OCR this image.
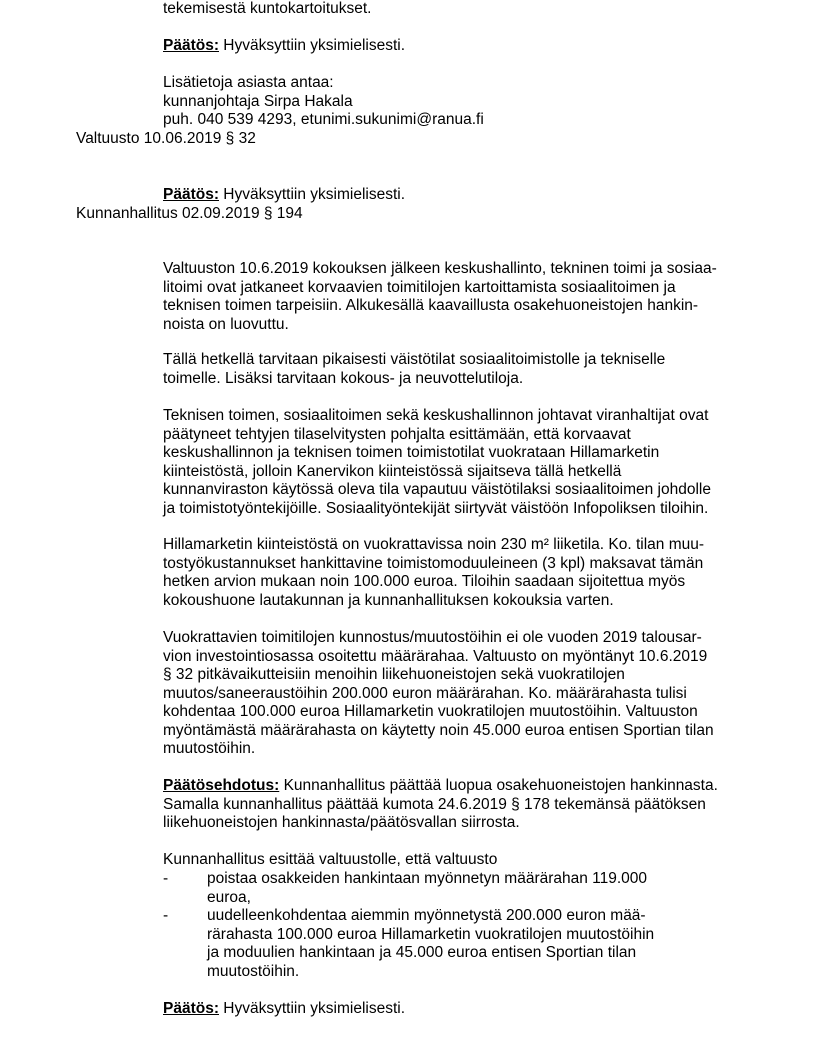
tekemisestä kuntokartoitukset.
Päätös: Hyväksyttiin yksimielisesti.
Lisätietoja asiasta antaa:
kunnanjohtaja Sirpa Hakala
puh. 040 539 4293, etunimi.sukunimi@ranua.fi
Valtuusto 10.06.2019 § 32
Päätös: Hyväksyttiin yksimielisesti.
Kunnanhallitus 02.09.2019 § 194
Valtuuston 10.6.2019 kokouksen jälkeen keskushallinto, tekninen toimi ja sosiaa-
litoimi ovat jatkaneet korvaavien toimitilojen kartoittamista sosiaalitoimen ja
teknisen toimen tarpeisiin. Alkukesällä kaavaillusta osakehuoneistojen hankin-
noista on luovuttu.
Tällä hetkellä tarvitaan pikaisesti väistötilat sosiaalitoimistolle ja tekniselle
toimelle. Lisäksi tarvitaan kokous- ja neuvottelutiloja.
Teknisen toimen, sosiaalitoimen sekä keskushallinnon johtavat viranhaltijat ovat
päätyneet tehtyjen tilaselvitysten pohjalta esittämään, että korvaavat
keskushallinnon ja teknisen toimen toimistotilat vuokrataan Hillamarketin
kiinteistöstä, jolloin Kanervikon kiinteistössä sijaitseva tällä hetkellä
kunnanviraston käytössä oleva tila vapautuu väistötilaksi sosiaalitoimen johdolle
ja toimistotyöntekijöille. Sosiaalityöntekijät siirtyvät väistöön Infopoliksen tiloihin.
Hillamarketin kiinteistöstä on vuokrattavissa noin 230 m² liiketila. Ko. tilan muu-
tostyökustannukset hankittavine toimistomoduuleineen (3 kpl) maksavat tämän
hetken arvion mukaan noin 100.000 euroa. Tiloihin saadaan sijoitettua myös
kokoushuone lautakunnan ja kunnanhallituksen kokouksia varten.
Vuokrattavien toimitilojen kunnostus/muutostöihin ei ole vuoden 2019 talousar-
vion investointiosassa osoitettu määrärahaa. Valtuusto on myöntänyt 10.6.2019
§ 32 pitkävaikutteisiin menoihin liikehuoneistojen sekä vuokratilojen
muutos/saneeraustöihin 200.000 euron määrärahan. Ko. määrärahasta tulisi
kohdentaa 100.000 euroa Hillamarketin vuokratilojen muutostöihin. Valtuuston
myöntämästä määrärahasta on käytetty noin 45.000 euroa entisen Sportian tilan
muutostöihin.
Päätösehdotus: Kunnanhallitus päättää luopua osakehuoneistojen hankinnasta.
Samalla kunnanhallitus päättää kumota 24.6.2019 § 178 tekemänsä päätöksen
liikehuoneistojen hankinnasta/päätösvallan siirrosta.
Kunnanhallitus esittää valtuustolle, että valtuusto
-	poistaa osakkeiden hankintaan myönnetyn määrärahan 119.000
euroa,
-	uudelleenkohdentaa aiemmin myönnetystä 200.000 euron mää-
rärahasta 100.000 euroa Hillamarketin vuokratilojen muutostöihin
ja moduulien hankintaan ja 45.000 euroa entisen Sportian tilan
muutostöihin.
Päätös: Hyväksyttiin yksimielisesti.
